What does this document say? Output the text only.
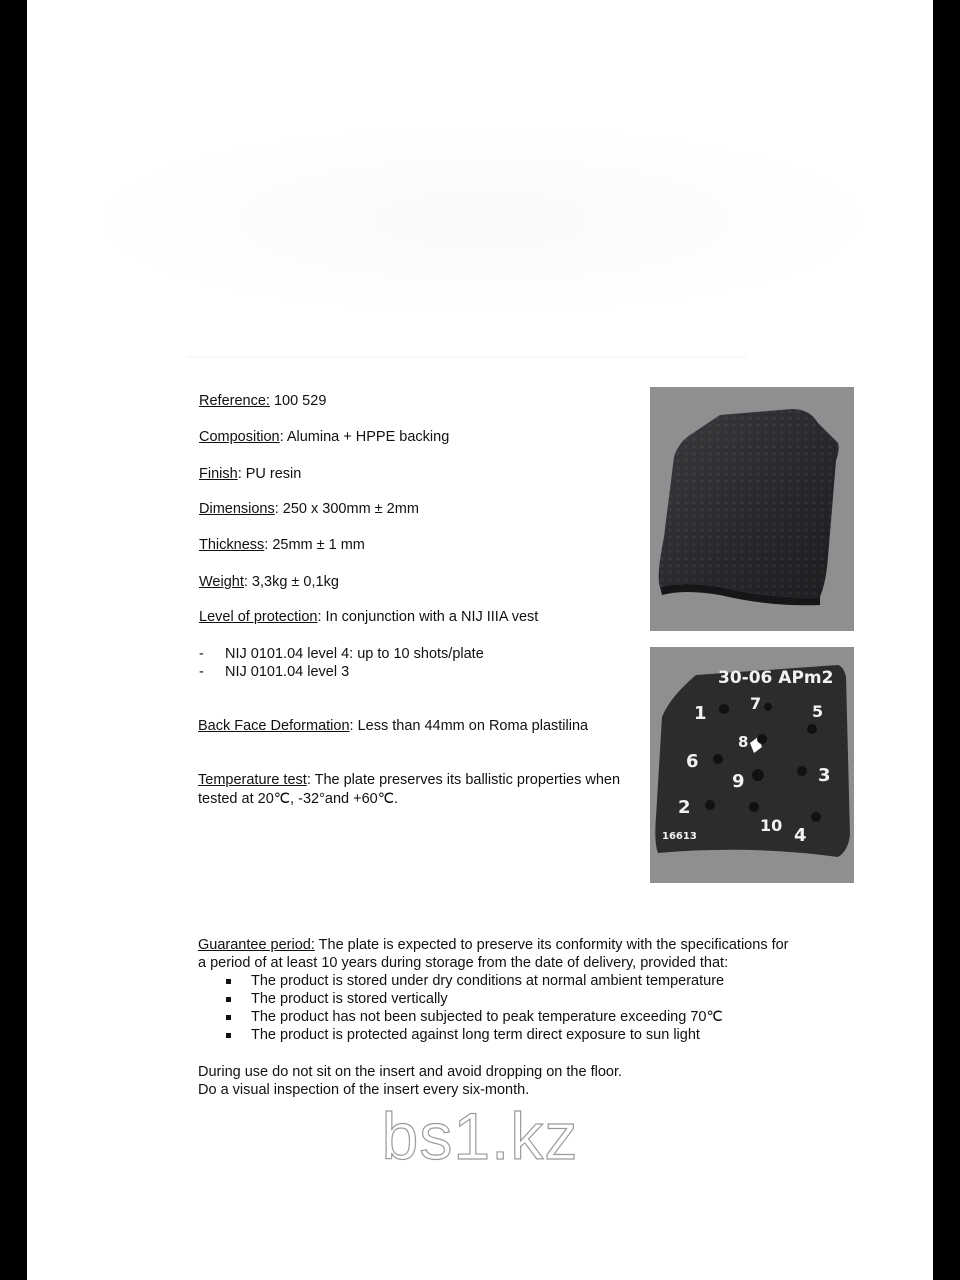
Reference: 100 529
Composition: Alumina + HPPE backing
Finish: PU resin
Dimensions: 250 x 300mm ± 2mm
Thickness: 25mm ± 1 mm
Weight: 3,3kg ± 0,1kg
Level of protection: In conjunction with a NIJ IIIA vest
- NIJ 0101.04 level 4: up to 10 shots/plate
- NIJ 0101.04 level 3
Back Face Deformation: Less than 44mm on Roma plastilina
Temperature test: The plate preserves its ballistic properties when
tested at 20℃, -32°and +60℃.
Guarantee period: The plate is expected to preserve its conformity with the specifications for
a period of at least 10 years during storage from the date of delivery, provided that:
The product is stored under dry conditions at normal ambient temperature
The product is stored vertically
The product has not been subjected to peak temperature exceeding 70℃
The product is protected against long term direct exposure to sun light
During use do not sit on the insert and avoid dropping on the floor.
Do a visual inspection of the insert every six-month.
30-06 APm2
1
2
3
4
5
6
7
8
9
10
16613
bs1.kz
